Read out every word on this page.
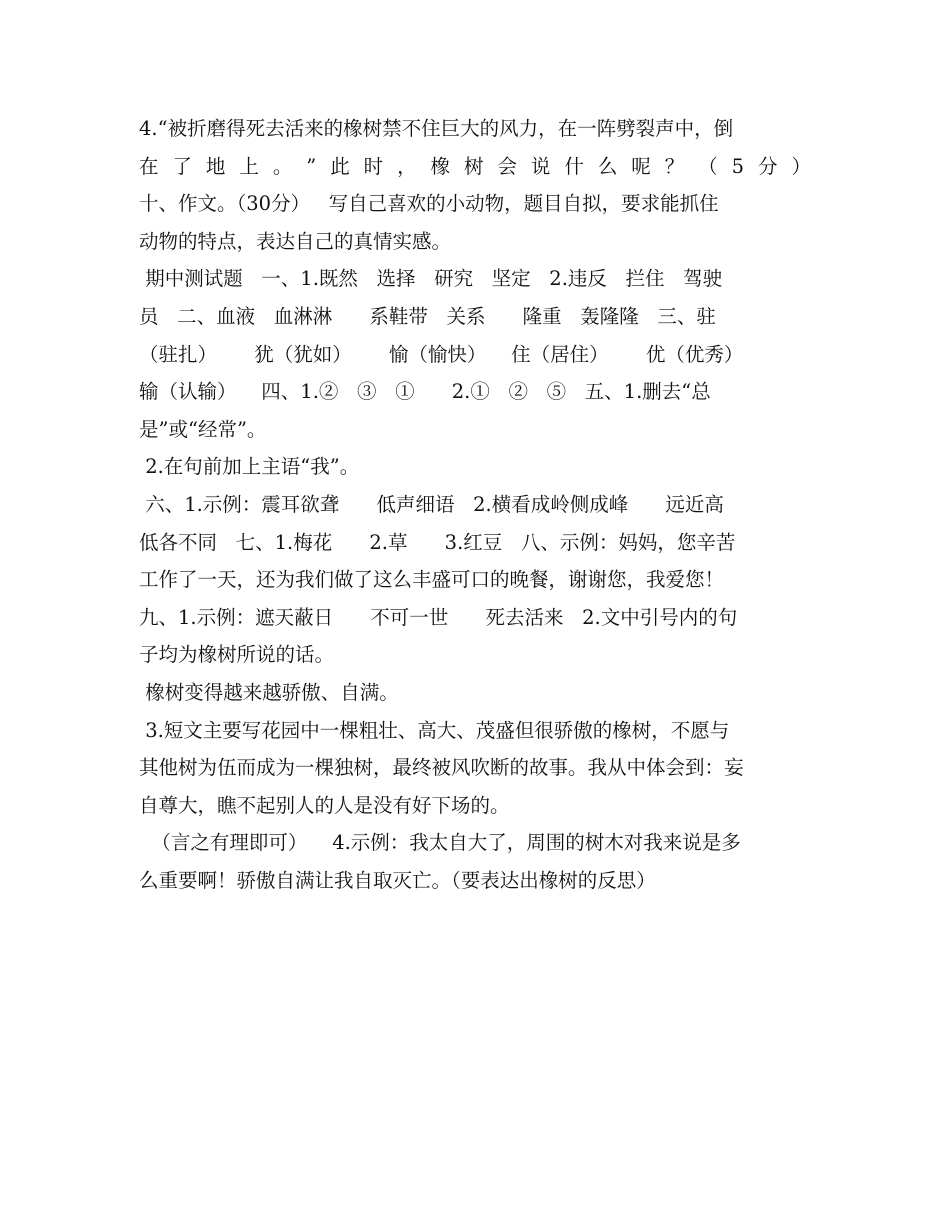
4.“被折磨得死去活来的橡树禁不住巨大的风力，在一阵劈裂声中，倒
在 了 地 上 。 ” 此 时 ， 橡 树 会 说 什 么 呢 ？ （ 5 分 ）
十、作文。（30分）   写自己喜欢的小动物，题目自拟，要求能抓住
动物的特点，表达自己的真情实感。
期中测试题   一、1.既然   选择   研究   坚定   2.违反   拦住   驾驶
员   二、血液   血淋淋      系鞋带   关系      隆重   轰隆隆   三、驻
（驻扎）      犹（犹如）      愉（愉快）    住（居住）      优（优秀）
输（认输）    四、1.②   ③   ①      2.①   ②   ⑤   五、1.删去“总
是”或“经常”。
2.在句前加上主语“我”。
六、1.示例：震耳欲聋      低声细语   2.横看成岭侧成峰      远近高
低各不同   七、1.梅花      2.草      3.红豆   八、示例：妈妈，您辛苦
工作了一天，还为我们做了这么丰盛可口的晚餐，谢谢您，我爱您！
九、1.示例：遮天蔽日      不可一世      死去活来   2.文中引号内的句
子均为橡树所说的话。
橡树变得越来越骄傲、自满。
3.短文主要写花园中一棵粗壮、高大、茂盛但很骄傲的橡树，不愿与
其他树为伍而成为一棵独树，最终被风吹断的故事。我从中体会到：妄
自尊大，瞧不起别人的人是没有好下场的。
（言之有理即可）    4.示例：我太自大了，周围的树木对我来说是多
么重要啊！骄傲自满让我自取灭亡。（要表达出橡树的反思）
